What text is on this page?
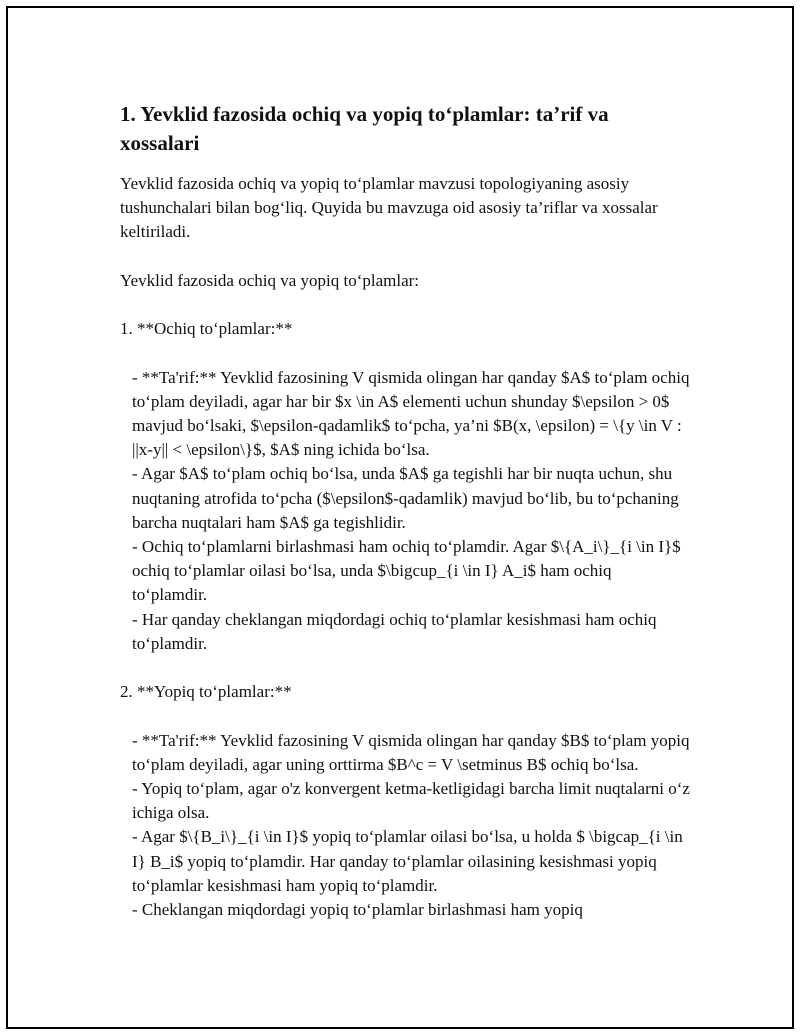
1. Yevklid fazosida ochiq va yopiq to‘plamlar: ta’rif va xossalari
Yevklid fazosida ochiq va yopiq to‘plamlar mavzusi topologiyaning asosiy tushunchalari bilan bog‘liq. Quyida bu mavzuga oid asosiy ta’riflar va xossalar keltiriladi.
Yevklid fazosida ochiq va yopiq to‘plamlar:
1. **Ochiq to‘plamlar:**
- **Ta'rif:** Yevklid fazosining V qismida olingan har qanday $A$ to‘plam ochiq to‘plam deyiladi, agar har bir $x \in A$ elementi uchun shunday $\epsilon > 0$ mavjud bo‘lsaki, $\epsilon-qadamlik$ to‘pcha, ya’ni $B(x, \epsilon) = \{y \in V : ||x-y|| < \epsilon\}$, $A$ ning ichida bo‘lsa.
- Agar $A$ to‘plam ochiq bo‘lsa, unda $A$ ga tegishli har bir nuqta uchun, shu nuqtaning atrofida to‘pcha ($\epsilon$-qadamlik) mavjud bo‘lib, bu to‘pchaning barcha nuqtalari ham $A$ ga tegishlidir.
- Ochiq to‘plamlarni birlashmasi ham ochiq to‘plamdir. Agar $\{A_i\}_{i \in I}$ ochiq to‘plamlar oilasi bo‘lsa, unda $\bigcup_{i \in I} A_i$ ham ochiq to‘plamdir.
- Har qanday cheklangan miqdordagi ochiq to‘plamlar kesishmasi ham ochiq to‘plamdir.
2. **Yopiq to‘plamlar:**
- **Ta'rif:** Yevklid fazosining V qismida olingan har qanday $B$ to‘plam yopiq to‘plam deyiladi, agar uning orttirma $B^c = V \setminus B$ ochiq bo‘lsa.
- Yopiq to‘plam, agar o'z konvergent ketma-ketligidagi barcha limit nuqtalarni o‘z ichiga olsa.
- Agar $\{B_i\}_{i \in I}$ yopiq to‘plamlar oilasi bo‘lsa, u holda $ \bigcap_{i \in I} B_i$ yopiq to‘plamdir. Har qanday to‘plamlar oilasining kesishmasi yopiq to‘plamlar kesishmasi ham yopiq to‘plamdir.
- Cheklangan miqdordagi yopiq to‘plamlar birlashmasi ham yopiq
